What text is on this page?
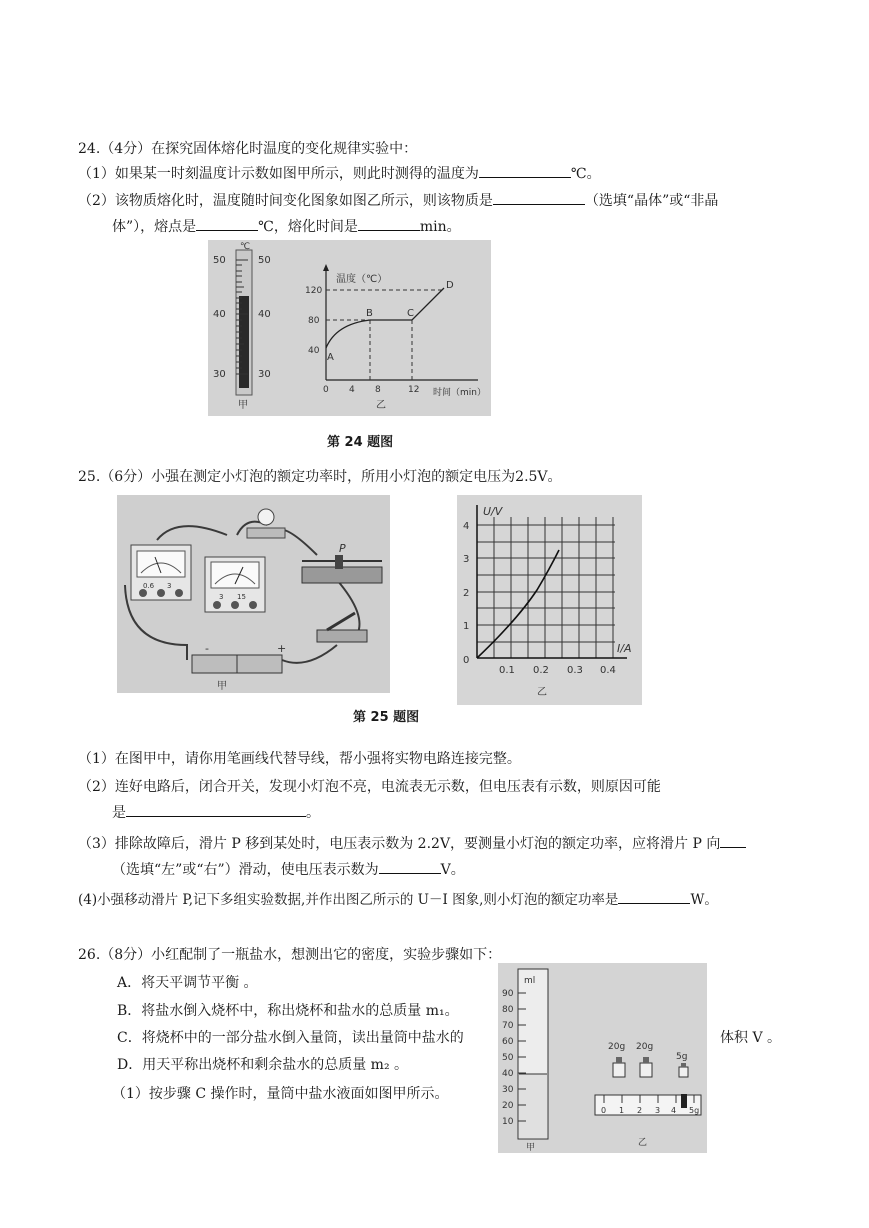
24.（4分）在探究固体熔化时温度的变化规律实验中：
（1）如果某一时刻温度计示数如图甲所示，则此时测得的温度为	℃。
（2）该物质熔化时，温度随时间变化图象如图乙所示，则该物质是	（选填“晶体”或“非晶
体”），熔点是	℃，熔化时间是	min。
℃
50
40
30
50
40
30
甲
温度（℃）
时间（min）
40
80
120
0 4 8	12
A
B	C
D
乙
第 24 题图
25.（6分）小强在测定小灯泡的额定功率时，所用小灯泡的额定电压为2.5V。
0.6 3
3 15
P
-	+
甲
U/V
I/A
0
1
2
3
4
0.1 0.2 0.3 0.4
乙
第 25 题图
（1）在图甲中，请你用笔画线代替导线，帮小强将实物电路连接完整。
（2）连好电路后，闭合开关，发现小灯泡不亮，电流表无示数，但电压表有示数，则原因可能
是	。
（3）排除故障后，滑片 P 移到某处时，电压表示数为 2.2V，要测量小灯泡的额定功率，应将滑片 P 向
（选填“左”或“右”）滑动，使电压表示数为	V。
(4)小强移动滑片 P,记下多组实验数据,并作出图乙所示的 U－I 图象,则小灯泡的额定功率是	W。
26.（8分）小红配制了一瓶盐水，想测出它的密度，实验步骤如下：
A．将天平调节平衡 。
B．将盐水倒入烧杯中，称出烧杯和盐水的总质量 m₁。
C．将烧杯中的一部分盐水倒入量筒，读出量筒中盐水的	体积 V 。
D．用天平称出烧杯和剩余盐水的总质量 m₂ 。
（1）按步骤 C 操作时，量筒中盐水液面如图甲所示。
ml
90
80
70
60
50
40
30
20
10
甲
20g 20g
5g
0 1 2 3 4 5g
乙
